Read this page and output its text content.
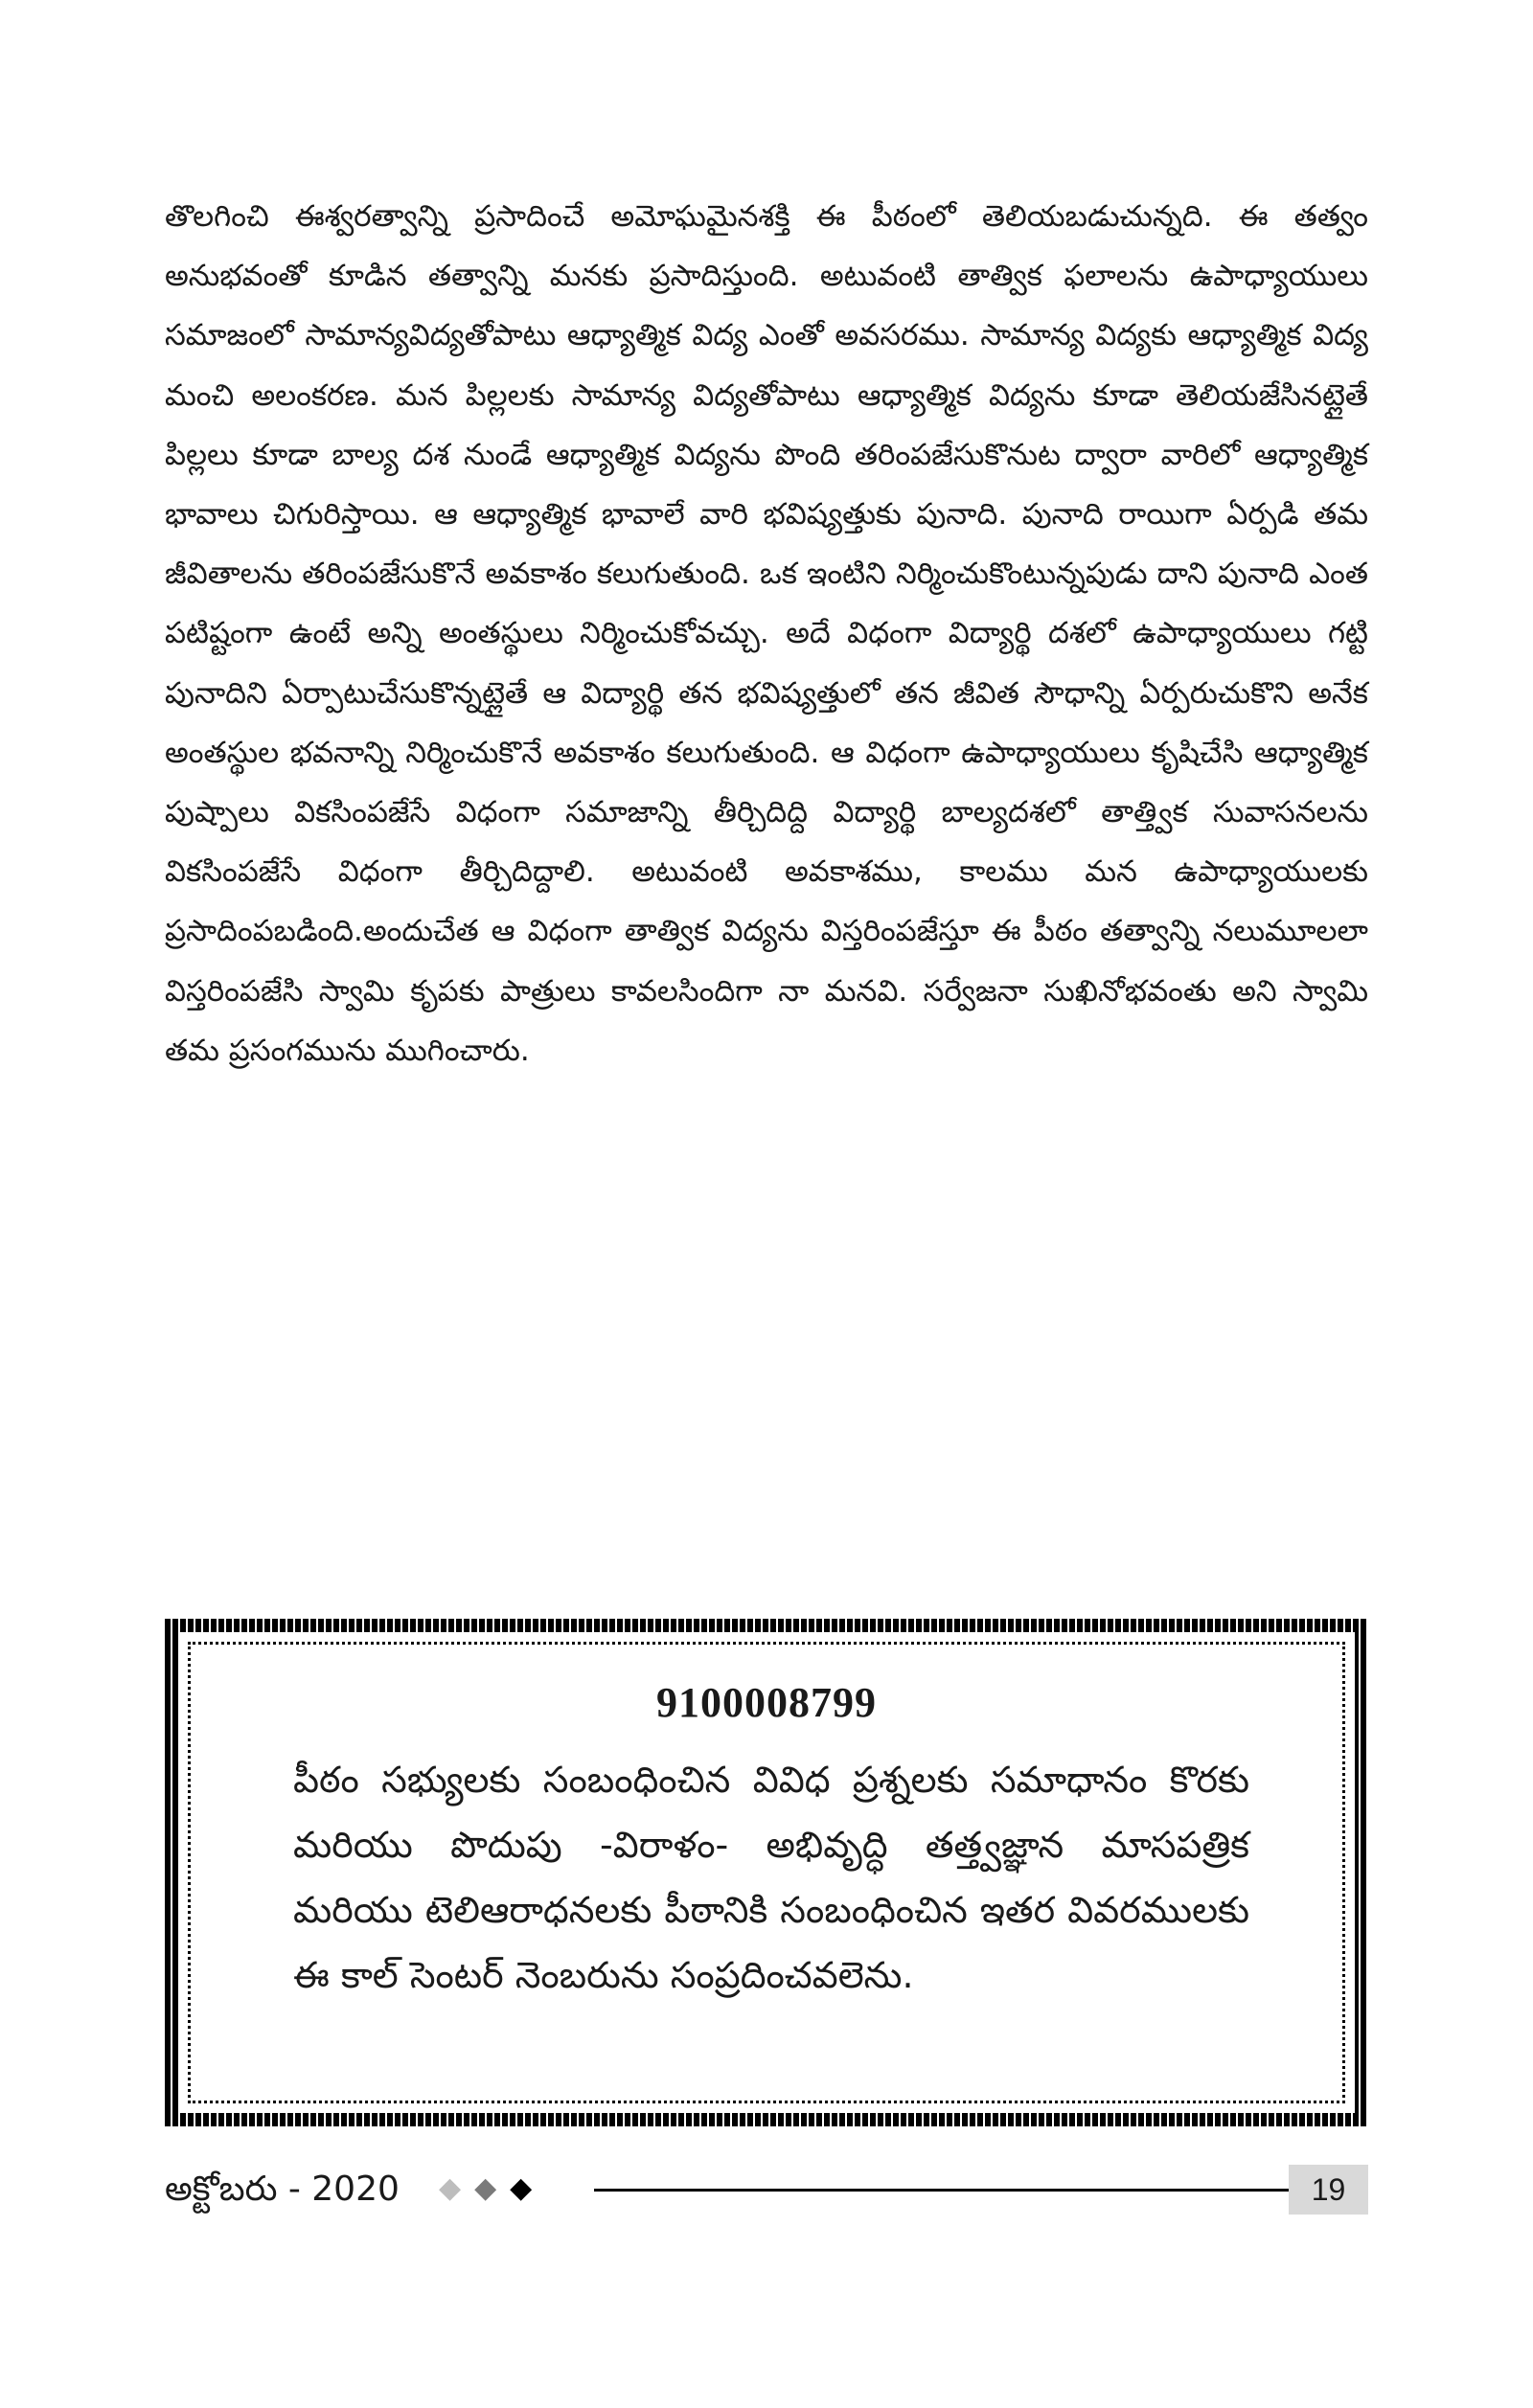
తొలగించి ఈశ్వరత్వాన్ని ప్రసాదించే అమోఘమైనశక్తి ఈ పీఠంలో తెలియబడుచున్నది. ఈ తత్వం అనుభవంతో కూడిన తత్వాన్ని మనకు ప్రసాదిస్తుంది. అటువంటి తాత్విక ఫలాలను ఉపాధ్యాయులు సమాజంలో సామాన్యవిద్యతోపాటు ఆధ్యాత్మిక విద్య ఎంతో అవసరము. సామాన్య విద్యకు ఆధ్యాత్మిక విద్య మంచి అలంకరణ. మన పిల్లలకు సామాన్య విద్యతోపాటు ఆధ్యాత్మిక విద్యను కూడా తెలియజేసినట్లైతే పిల్లలు కూడా బాల్య దశ నుండే ఆధ్యాత్మిక విద్యను పొంది తరింపజేసుకొనుట ద్వారా వారిలో ఆధ్యాత్మిక భావాలు చిగురిస్తాయి. ఆ ఆధ్యాత్మిక భావాలే వారి భవిష్యత్తుకు పునాది. పునాది రాయిగా ఏర్పడి తమ జీవితాలను తరింపజేసుకొనే అవకాశం కలుగుతుంది. ఒక ఇంటిని నిర్మించుకొంటున్నపుడు దాని పునాది ఎంత పటిష్టంగా ఉంటే అన్ని అంతస్థులు నిర్మించుకోవచ్చు. అదే విధంగా విద్యార్థి దశలో ఉపాధ్యాయులు గట్టి పునాదిని ఏర్పాటుచేసుకొన్నట్లైతే ఆ విద్యార్థి తన భవిష్యత్తులో తన జీవిత సౌధాన్ని ఏర్పరుచుకొని అనేక అంతస్థుల భవనాన్ని నిర్మించుకొనే అవకాశం కలుగుతుంది. ఆ విధంగా ఉపాధ్యాయులు కృషిచేసి ఆధ్యాత్మిక పుష్పాలు వికసింపజేసే విధంగా సమాజాన్ని తీర్చిదిద్ది విద్యార్థి బాల్యదశలో తాత్త్విక సువాసనలను వికసింపజేసే విధంగా తీర్చిదిద్దాలి. అటువంటి అవకాశము, కాలము మన ఉపాధ్యాయులకు ప్రసాదింపబడింది.అందుచేత ఆ విధంగా తాత్విక విద్యను విస్తరింపజేస్తూ ఈ పీఠం తత్వాన్ని నలుమూలలా విస్తరింపజేసి స్వామి కృపకు పాత్రులు కావలసిందిగా నా మనవి. సర్వేజనా సుఖినోభవంతు అని స్వామి తమ ప్రసంగమును ముగించారు.

9100008799

పీఠం సభ్యులకు సంబంధించిన వివిధ ప్రశ్నలకు సమాధానం కొరకు మరియు పొదుపు -విరాళం- అభివృద్ధి తత్త్వజ్ఞాన మాసపత్రిక మరియు టెలిఆరాధనలకు పీఠానికి సంబంధించిన ఇతర వివరములకు ఈ కాల్ సెంటర్ నెంబరును సంప్రదించవలెను.

అక్టోబరు - 2020 ◆◆◆	19
